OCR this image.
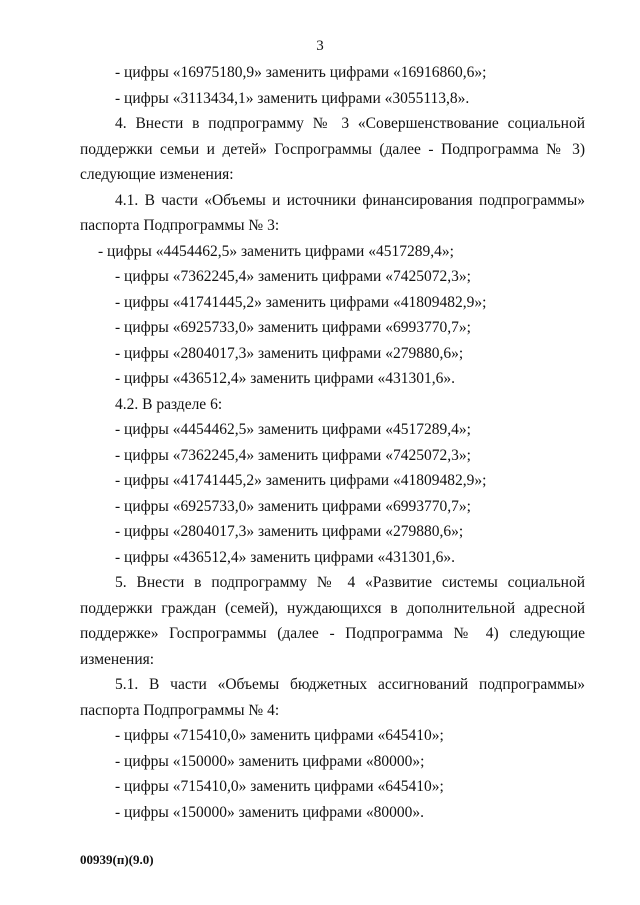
3
- цифры «16975180,9» заменить цифрами «16916860,6»;
- цифры «3113434,1» заменить цифрами «3055113,8».
4. Внести в подпрограмму № 3 «Совершенствование социальной
поддержки семьи и детей» Госпрограммы (далее - Подпрограмма № 3)
следующие изменения:
4.1. В части «Объемы и источники финансирования подпрограммы»
паспорта Подпрограммы № 3:
- цифры «4454462,5» заменить цифрами «4517289,4»;
- цифры «7362245,4» заменить цифрами «7425072,3»;
- цифры «41741445,2» заменить цифрами «41809482,9»;
- цифры «6925733,0» заменить цифрами «6993770,7»;
- цифры «2804017,3» заменить цифрами «279880,6»;
- цифры «436512,4» заменить цифрами «431301,6».
4.2. В разделе 6:
- цифры «4454462,5» заменить цифрами «4517289,4»;
- цифры «7362245,4» заменить цифрами «7425072,3»;
- цифры «41741445,2» заменить цифрами «41809482,9»;
- цифры «6925733,0» заменить цифрами «6993770,7»;
- цифры «2804017,3» заменить цифрами «279880,6»;
- цифры «436512,4» заменить цифрами «431301,6».
5. Внести в подпрограмму № 4 «Развитие системы социальной
поддержки граждан (семей), нуждающихся в дополнительной адресной
поддержке» Госпрограммы (далее - Подпрограмма № 4) следующие
изменения:
5.1. В части «Объемы бюджетных ассигнований подпрограммы»
паспорта Подпрограммы № 4:
- цифры «715410,0» заменить цифрами «645410»;
- цифры «150000» заменить цифрами «80000»;
- цифры «715410,0» заменить цифрами «645410»;
- цифры «150000» заменить цифрами «80000».
00939(п)(9.0)
